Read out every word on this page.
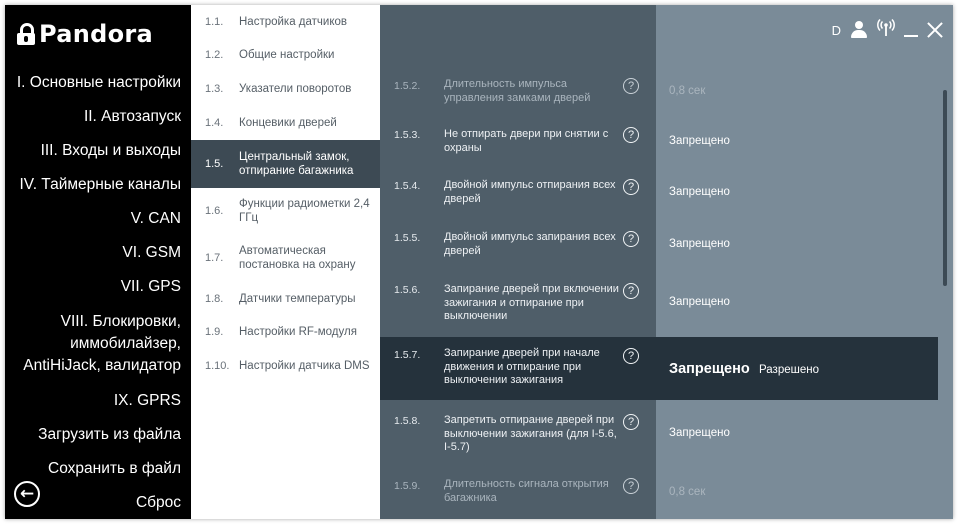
Pandora
I. Основные настройки
II. Автозапуск
III. Входы и выходы
IV. Таймерные каналы
V. CAN
VI. GSM
VII. GPS
VIII. Блокировки, иммобилайзер, AntiHiJack, валидатор
IX. GPRS
Загрузить из файла
Сохранить в файл
Сброс
←
1.1.	Настройка датчиков
1.2.	Общие настройки
1.3.	Указатели поворотов
1.4.	Концевики дверей
1.5.
Центральный замок, отпирание багажника
1.6.
Функции радиометки 2,4 ГГц
1.7.
Автоматическая постановка на охрану
1.8.	Датчики температуры
1.9.	Настройки RF-модуля
1.10. Настройки датчика DMS
1.5.2. Длительность импульса управления замками дверей
?	0,8 сек
1.5.3. Не отпирать двери при снятии с охраны
?	Запрещено
1.5.4. Двойной импульс отпирания всех дверей
?	Запрещено
1.5.5. Двойной импульс запирания всех дверей
?	Запрещено
1.5.6. Запирание дверей при включении зажигания и отпирание при выключении
?
Запрещено
1.5.7. Запирание дверей при начале движения и отпирание при выключении зажигания
?
Запрещено Разрешено
1.5.8. Запретить отпирание дверей при выключении зажигания (для I-5.6, I-5.7)
?
Запрещено
1.5.9. Длительность сигнала открытия багажника
?	0,8 сек
D
